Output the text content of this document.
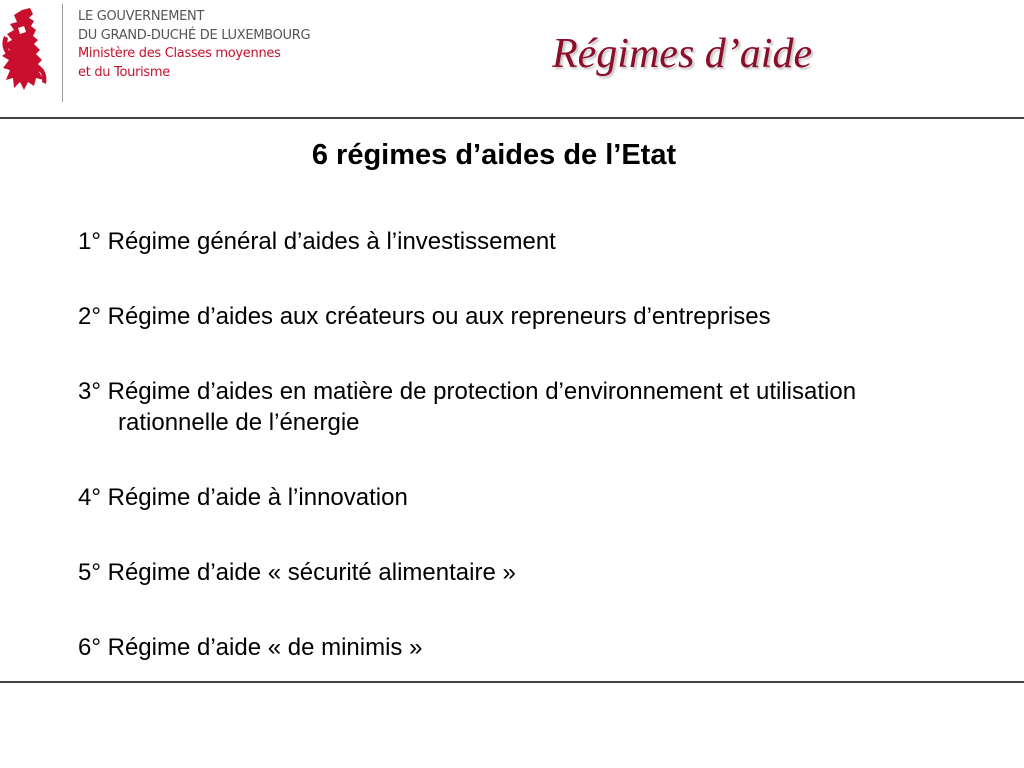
LE GOUVERNEMENT
DU GRAND-DUCHÉ DE LUXEMBOURG
Ministère des Classes moyennes
et du Tourisme	Régimes d’aide
6 régimes d’aides de l’Etat
1° Régime général d’aides à l’investissement
2° Régime d’aides aux créateurs ou aux repreneurs d’entreprises
3° Régime d’aides en matière de protection d’environnement et utilisation rationnelle de l’énergie
4° Régime d’aide à l’innovation
5° Régime d’aide « sécurité alimentaire »
6° Régime d’aide « de minimis »
